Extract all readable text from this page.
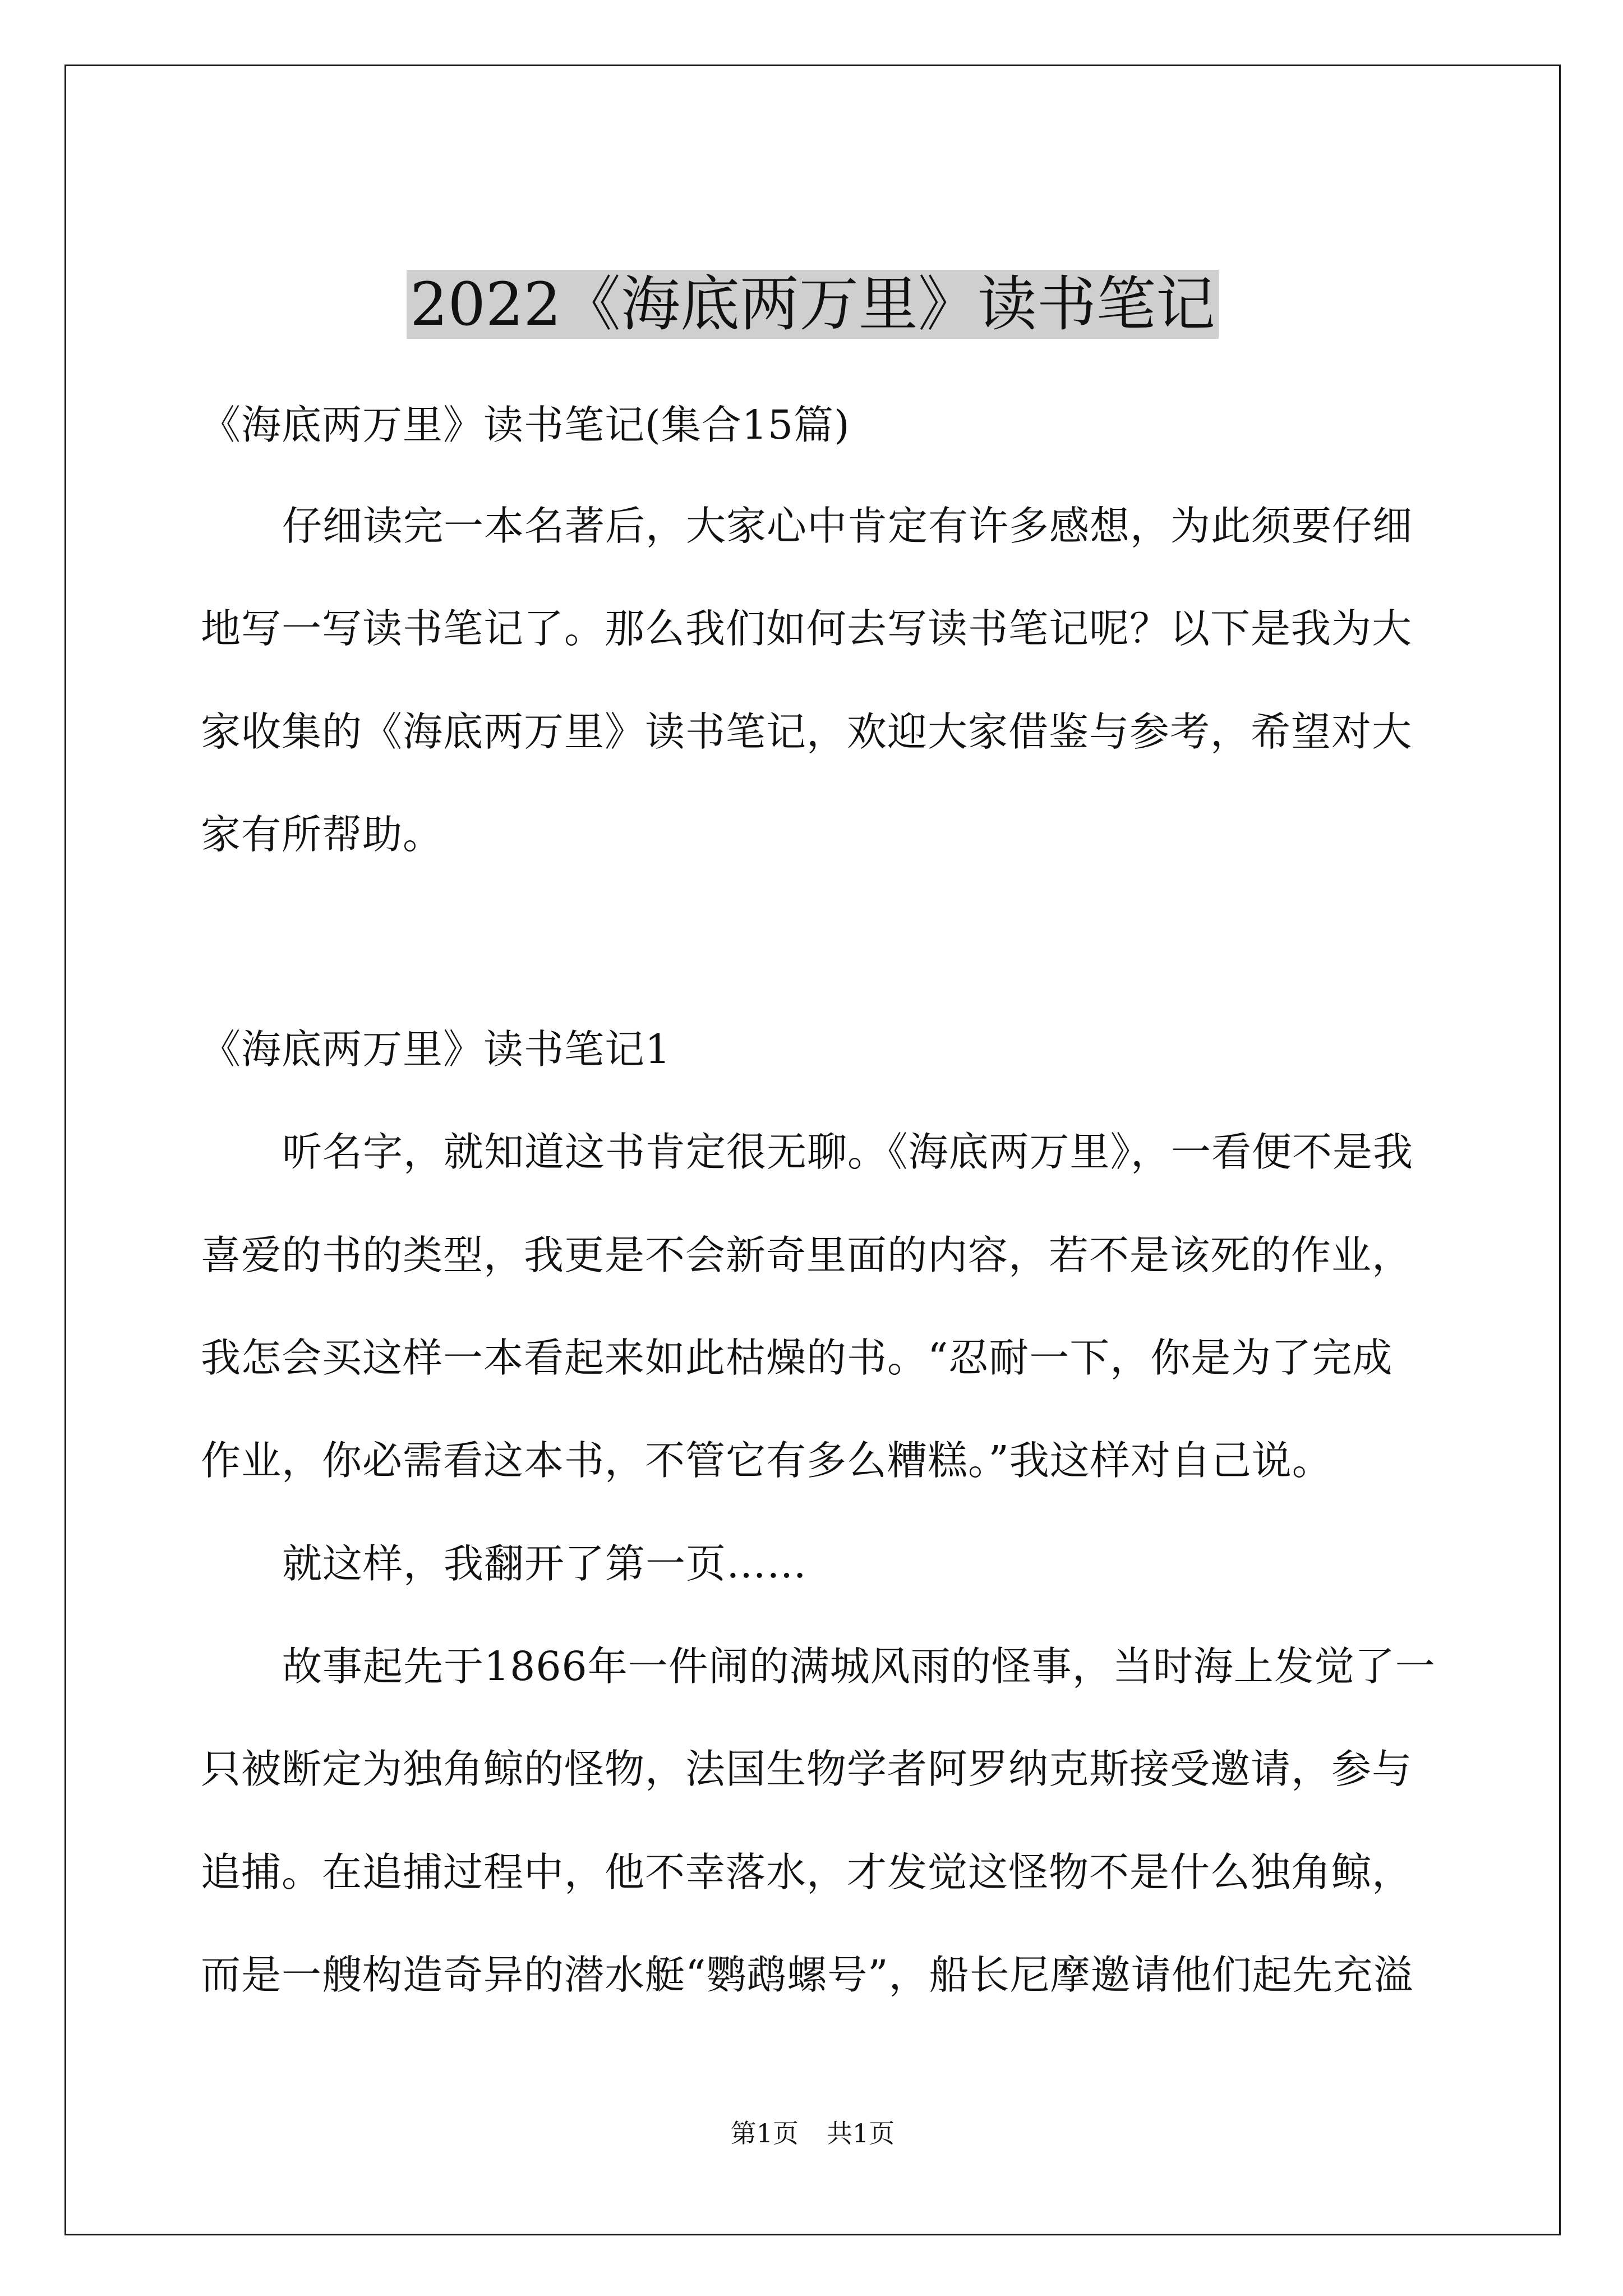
2022《海底两万里》读书笔记
《海底两万里》读书笔记(集合15篇)
仔细读完一本名著后，大家心中肯定有许多感想，为此须要仔细
地写一写读书笔记了。那么我们如何去写读书笔记呢？以下是我为大
家收集的《海底两万里》读书笔记，欢迎大家借鉴与参考，希望对大
家有所帮助。
《海底两万里》读书笔记1
听名字，就知道这书肯定很无聊。《海底两万里》，一看便不是我
喜爱的书的类型，我更是不会新奇里面的内容，若不是该死的作业，
我怎会买这样一本看起来如此枯燥的书。“忍耐一下，你是为了完成
作业，你必需看这本书，不管它有多么糟糕。”我这样对自己说。
就这样，我翻开了第一页……
故事起先于1866年一件闹的满城风雨的怪事，当时海上发觉了一
只被断定为独角鲸的怪物，法国生物学者阿罗纳克斯接受邀请，参与
追捕。在追捕过程中，他不幸落水，才发觉这怪物不是什么独角鲸，
而是一艘构造奇异的潜水艇“鹦鹉螺号”，船长尼摩邀请他们起先充溢
第1页 共1页
